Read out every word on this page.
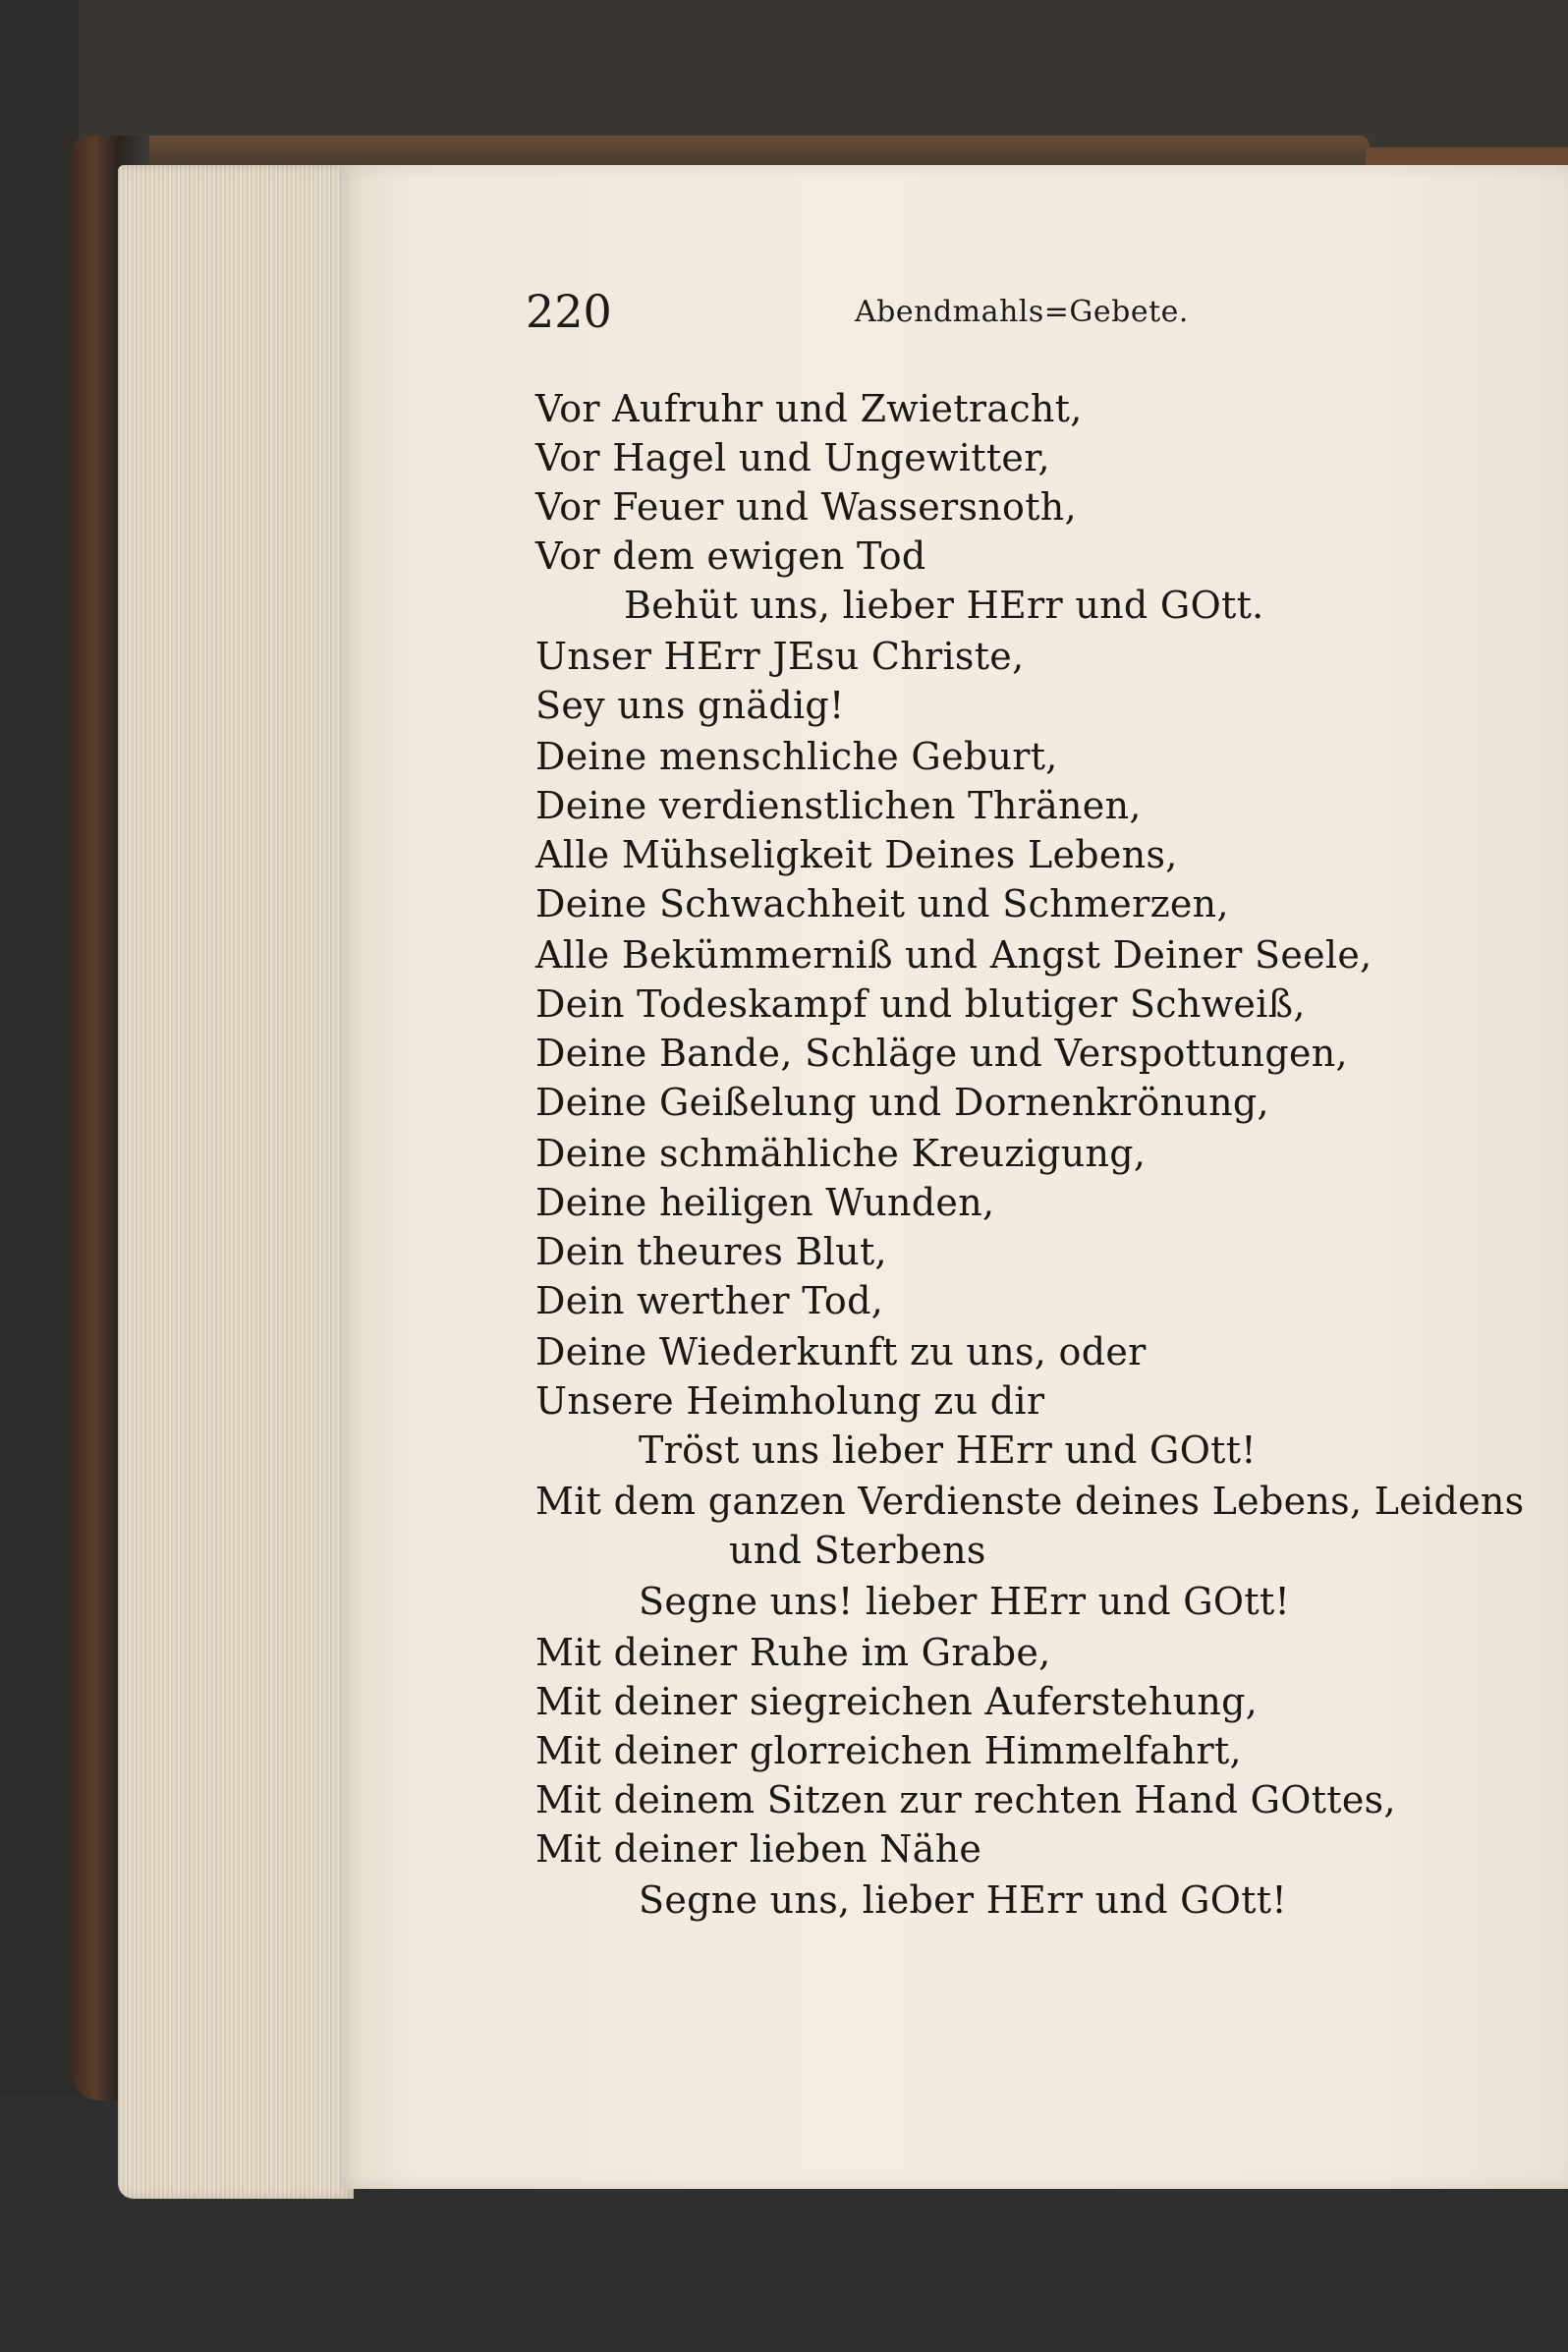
220	Abendmahls=Gebete.
Vor Aufruhr und Zwietracht,
Vor Hagel und Ungewitter,
Vor Feuer und Wassersnoth,
Vor dem ewigen Tod
Behüt uns, lieber HErr und GOtt.
Unser HErr JEsu Christe,
Sey uns gnädig!
Deine menschliche Geburt,
Deine verdienstlichen Thränen,
Alle Mühseligkeit Deines Lebens,
Deine Schwachheit und Schmerzen,
Alle Bekümmerniß und Angst Deiner Seele,
Dein Todeskampf und blutiger Schweiß,
Deine Bande, Schläge und Verspottungen,
Deine Geißelung und Dornenkrönung,
Deine schmähliche Kreuzigung,
Deine heiligen Wunden,
Dein theures Blut,
Dein werther Tod,
Deine Wiederkunft zu uns, oder
Unsere Heimholung zu dir
Tröst uns lieber HErr und GOtt!
Mit dem ganzen Verdienste deines Lebens, Leidens
und Sterbens
Segne uns! lieber HErr und GOtt!
Mit deiner Ruhe im Grabe,
Mit deiner siegreichen Auferstehung,
Mit deiner glorreichen Himmelfahrt,
Mit deinem Sitzen zur rechten Hand GOttes,
Mit deiner lieben Nähe
Segne uns, lieber HErr und GOtt!
